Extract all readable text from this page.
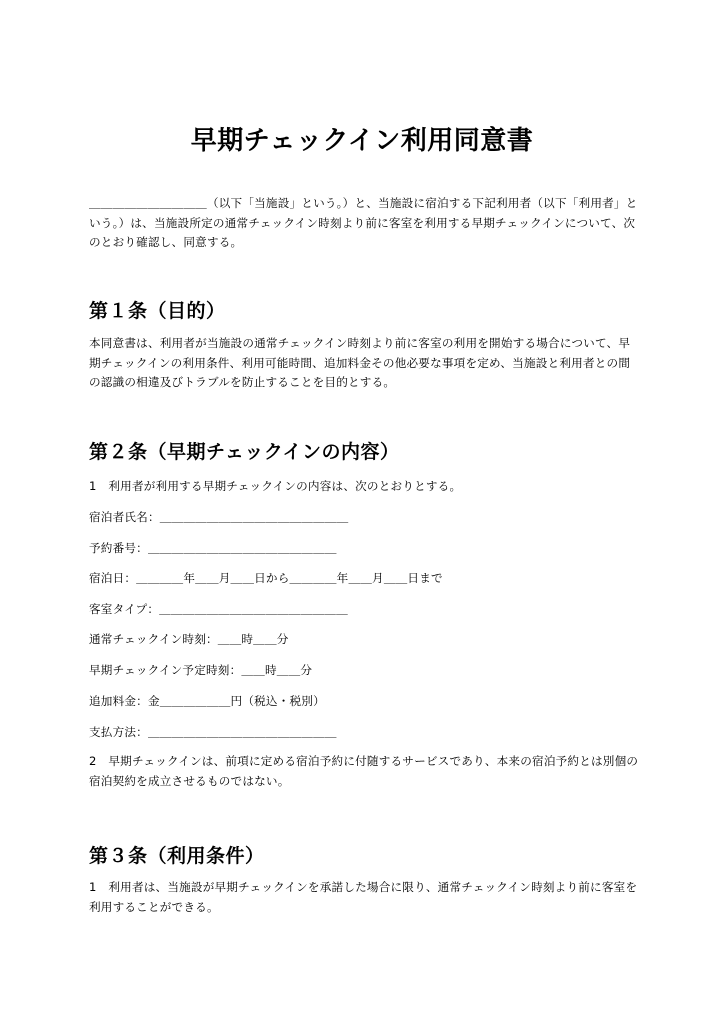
早期チェックイン利用同意書
＿＿＿＿＿＿＿＿＿＿（以下「当施設」という。）と、当施設に宿泊する下記利用者（以下「利用者」という。）は、当施設所定の通常チェックイン時刻より前に客室を利用する早期チェックインについて、次のとおり確認し、同意する。
第１条（目的）
本同意書は、利用者が当施設の通常チェックイン時刻より前に客室の利用を開始する場合について、早期チェックインの利用条件、利用可能時間、追加料金その他必要な事項を定め、当施設と利用者との間の認識の相違及びトラブルを防止することを目的とする。
第２条（早期チェックインの内容）
1　利用者が利用する早期チェックインの内容は、次のとおりとする。
宿泊者氏名：＿＿＿＿＿＿＿＿＿＿＿＿＿＿＿＿
予約番号：＿＿＿＿＿＿＿＿＿＿＿＿＿＿＿＿
宿泊日：＿＿＿＿年＿＿月＿＿日から＿＿＿＿年＿＿月＿＿日まで
客室タイプ：＿＿＿＿＿＿＿＿＿＿＿＿＿＿＿＿
通常チェックイン時刻：＿＿時＿＿分
早期チェックイン予定時刻：＿＿時＿＿分
追加料金：金＿＿＿＿＿＿円（税込・税別）
支払方法：＿＿＿＿＿＿＿＿＿＿＿＿＿＿＿＿
2　早期チェックインは、前項に定める宿泊予約に付随するサービスであり、本来の宿泊予約とは別個の宿泊契約を成立させるものではない。
第３条（利用条件）
1　利用者は、当施設が早期チェックインを承諾した場合に限り、通常チェックイン時刻より前に客室を利用することができる。
